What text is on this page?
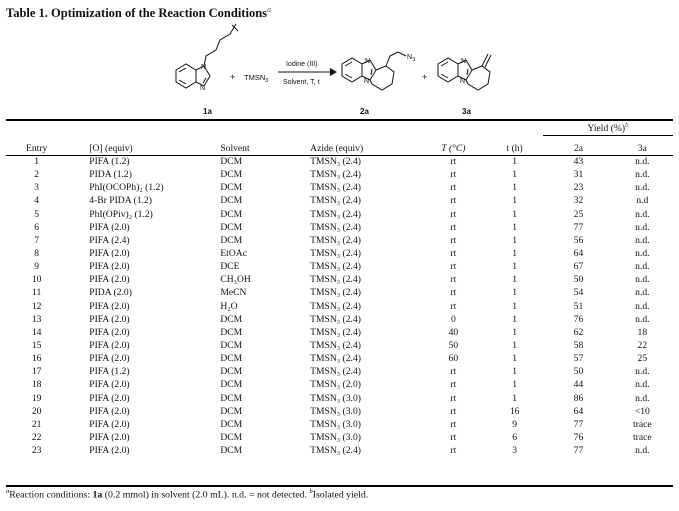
Table 1. Optimization of the Reaction Conditions$^a$
N
N
1a
+ $TMSN_3$
Iodine (III)
Solvent, T, t
N
N
$N_3$
2a
+
N
N
3a
Yield (%)$^b$
Entry	[O] (equiv)	Solvent	Azide (equiv)	T (°C)	t (h)	2a	3a
1	PIFA (1.2)	DCM	TMSN₃ (2.4)	rt	1	43	n.d.
2	PIDA (1.2)	DCM	TMSN₃ (2.4)	rt	1	31	n.d.
3	PhI(OCOPh)₂ (1.2)	DCM	TMSN₃ (2.4)	rt	1	23	n.d.
4	4-Br PIDA (1.2)	DCM	TMSN₃ (2.4)	rt	1	32	n.d
5	PhI(OPiv)₂ (1.2)	DCM	TMSN₃ (2.4)	rt	1	25	n.d.
6	PIFA (2.0)	DCM	TMSN₃ (2.4)	rt	1	77	n.d.
7	PIFA (2.4)	DCM	TMSN₃ (2.4)	rt	1	56	n.d.
8	PIFA (2.0)	EtOAc	TMSN₃ (2.4)	rt	1	64	n.d.
9	PIFA (2.0)	DCE	TMSN₃ (2.4)	rt	1	67	n.d.
10	PIFA (2.0)	CH₃OH	TMSN₃ (2.4)	rt	1	50	n.d.
11	PIDA (2.0)	MeCN	TMSN₃ (2.4)	rt	1	54	n.d.
12	PIFA (2.0)	H₂O	TMSN₃ (2.4)	rt	1	51	n.d.
13	PIFA (2.0)	DCM	TMSN₃ (2.4)	0	1	76	n.d.
14	PIFA (2.0)	DCM	TMSN₃ (2.4)	40	1	62	18
15	PIFA (2.0)	DCM	TMSN₃ (2.4)	50	1	58	22
16	PIFA (2.0)	DCM	TMSN₃ (2.4)	60	1	57	25
17	PIFA (1.2)	DCM	TMSN₃ (2.4)	rt	1	50	n.d.
18	PIFA (2.0)	DCM	TMSN₃ (2.0)	rt	1	44	n.d.
19	PIFA (2.0)	DCM	TMSN₃ (3.0)	rt	1	86	n.d.
20	PIFA (2.0)	DCM	TMSN₃ (3.0)	rt	16	64	<10
21	PIFA (2.0)	DCM	TMSN₃ (3.0)	rt	9	77	trace
22	PIFA (2.0)	DCM	TMSN₃ (3.0)	rt	6	76	trace
23	PIFA (2.0)	DCM	TMSN₃ (2.4)	rt	3	77	n.d.
$^a$Reaction conditions: 1a (0.2 mmol) in solvent (2.0 mL). n.d. = not detected. $^b$Isolated yield.
